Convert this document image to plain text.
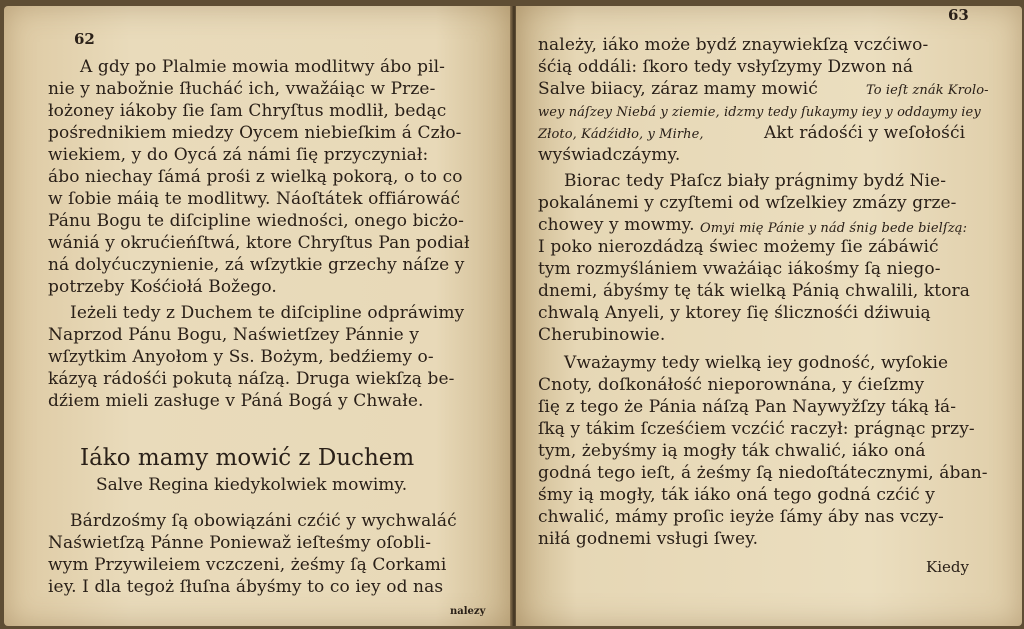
62
A gdy po Plalmie mowia modlitwy ábo pil-
nie y nabožnie ſłucháć ich, vwažáiąc w Prze-
łożoney iákoby ſie ſam Chryſtus modlił, bedąc
pośrednikiem miedzy Oycem niebieſkim á Czło-
wiekiem, y do Oycá zá námi ſię przyczyniał:
ábo niechay ſámá prośi z wielką pokorą, o to co
w ſobie máią te modlitwy. Náoſtátek offiárowáć
Pánu Bogu te diſcipline wiedności, onego bicżo-
wániá y okrućieńſtwá, ktore Chryſtus Pan podiał
ná dolyćuczynienie, zá wſzytkie grzechy náſze y
potrzeby Kośćiołá Božego.
Ieżeli tedy z Duchem te diſcipline odpráwimy
Naprzod Pánu Bogu, Naświetſzey Pánnie y
wſzytkim Anyołom y Ss. Bożym, bedźiemy o-
kázyą rádośći pokutą náſzą. Druga wiekſzą be-
dźiem mieli zasługe v Páná Bogá y Chwałe.
Iáko mamy mowić z Duchem
Salve Regina kiedykolwiek mowimy.
Bárdzośmy ſą obowiązáni czćić y wychwaláć
Naświetſzą Pánne Poniewaž ieſteśmy oſobli-
wym Przywileiem vczczeni, żeśmy ſą Corkami
iey. I dla tegoż ſłuſna ábyśmy to co iey od nas
nalezy
63
należy, iáko może bydź znaywiekſzą vczćiwo-
śćią oddáli: ſkoro tedy vsłyſzymy Dzwon ná
Salve biiacy, záraz mamy mowić	To ieſt znák Krolo-
wey náſzey Niebá y ziemie, idzmy tedy ſukaymy iey y oddaymy iey
Złoto, Kádźidło, y Mirhe,	Akt rádośći y weſołośći
wyświadczáymy.
Biorac tedy Płaſcz biały prágnimy bydź Nie-
pokalánemi y czyſtemi od wſzelkiey zmázy grze-
chowey y mowmy. Omyi mię Pánie y nád śnig bede bielſzą:
I poko nierozdádzą świec możemy ſie zábáwić
tym rozmyślániem vważáiąc iákośmy ſą niego-
dnemi, ábyśmy tę ták wielką Pánią chwalili, ktora
chwalą Anyeli, y ktorey ſię ślicznośći dźiwuią
Cherubinowie.
Vważaymy tedy wielką iey godność, wyſokie
Cnoty, doſkonáłość nieporownána, y ćieſzmy
ſię z tego że Pánia náſzą Pan Naywyžſzy táką łá-
ſką y tákim ſcześćiem vczćić raczył: prágnąc przy-
tym, żebyśmy ią mogły ták chwalić, iáko oná
godná tego ieſt, á żeśmy ſą niedoſtátecznymi, ában-
śmy ią mogły, ták iáko oná tego godná czćić y
chwalić, mámy proſic ieyże ſámy áby nas vczy-
niłá godnemi vsługi ſwey.
Kiedy
